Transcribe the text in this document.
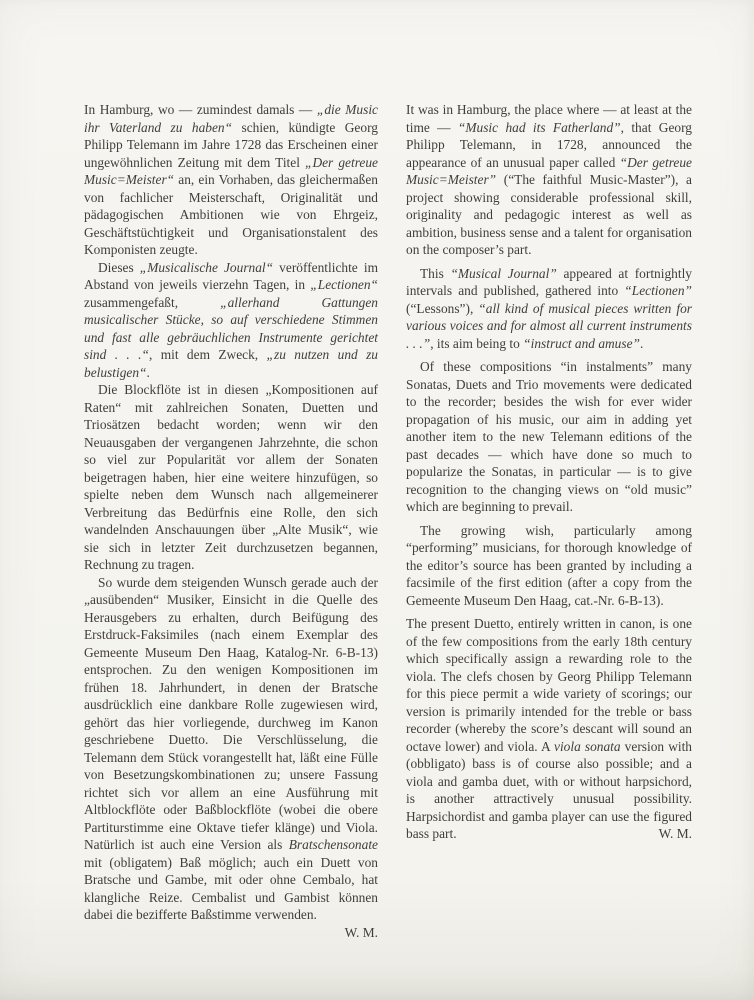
In Hamburg, wo — zumindest damals — „die Music ihr Vaterland zu haben“ schien, kündigte Georg Philipp Telemann im Jahre 1728 das Erscheinen einer ungewöhnlichen Zeitung mit dem Titel „Der getreue Music=Meister“ an, ein Vorhaben, das gleichermaßen von fachlicher Meisterschaft, Originalität und pädagogischen Ambitionen wie von Ehrgeiz, Geschäftstüchtigkeit und Organisationstalent des Komponisten zeugte.

Dieses „Musicalische Journal“ veröffentlichte im Abstand von jeweils vierzehn Tagen, in „Lectionen“ zusammengefaßt, „allerhand Gattungen musicalischer Stücke, so auf verschiedene Stimmen und fast alle gebräuchlichen Instrumente gerichtet sind . . .“, mit dem Zweck, „zu nutzen und zu belustigen“.

Die Blockflöte ist in diesen „Kompositionen auf Raten“ mit zahlreichen Sonaten, Duetten und Triosätzen bedacht worden; wenn wir den Neuausgaben der vergangenen Jahrzehnte, die schon so viel zur Popularität vor allem der Sonaten beigetragen haben, hier eine weitere hinzufügen, so spielte neben dem Wunsch nach allgemeinerer Verbreitung das Bedürfnis eine Rolle, den sich wandelnden Anschauungen über „Alte Musik“, wie sie sich in letzter Zeit durchzusetzen begannen, Rechnung zu tragen.

So wurde dem steigenden Wunsch gerade auch der „ausübenden“ Musiker, Einsicht in die Quelle des Herausgebers zu erhalten, durch Beifügung des Erstdruck-Faksimiles (nach einem Exemplar des Gemeente Museum Den Haag, Katalog-Nr. 6-B-13) entsprochen. Zu den wenigen Kompositionen im frühen 18. Jahrhundert, in denen der Bratsche ausdrücklich eine dankbare Rolle zugewiesen wird, gehört das hier vorliegende, durchweg im Kanon geschriebene Duetto. Die Verschlüsselung, die Telemann dem Stück vorangestellt hat, läßt eine Fülle von Besetzungskombinationen zu; unsere Fassung richtet sich vor allem an eine Ausführung mit Altblockflöte oder Baßblockflöte (wobei die obere Partiturstimme eine Oktave tiefer klänge) und Viola. Natürlich ist auch eine Version als Bratschensonate mit (obligatem) Baß möglich; auch ein Duett von Bratsche und Gambe, mit oder ohne Cembalo, hat klangliche Reize. Cembalist und Gambist können dabei die bezifferte Baßstimme verwenden.
W. M.

It was in Hamburg, the place where — at least at the time — “Music had its Fatherland”, that Georg Philipp Telemann, in 1728, announced the appearance of an unusual paper called “Der getreue Music=Meister” (“The faithful Music-Master”), a project showing considerable professional skill, originality and pedagogic interest as well as ambition, business sense and a talent for organisation on the composer’s part.

This “Musical Journal” appeared at fortnightly intervals and published, gathered into “Lectionen” (“Lessons”), “all kind of musical pieces written for various voices and for almost all current instruments . . .”, its aim being to “instruct and amuse”.

Of these compositions “in instalments” many Sonatas, Duets and Trio movements were dedicated to the recorder; besides the wish for ever wider propagation of his music, our aim in adding yet another item to the new Telemann editions of the past decades — which have done so much to popularize the Sonatas, in particular — is to give recognition to the changing views on “old music” which are beginning to prevail.

The growing wish, particularly among “performing” musicians, for thorough knowledge of the editor’s source has been granted by including a facsimile of the first edition (after a copy from the Gemeente Museum Den Haag, cat.-Nr. 6-B-13).

The present Duetto, entirely written in canon, is one of the few compositions from the early 18th century which specifically assign a rewarding role to the viola. The clefs chosen by Georg Philipp Telemann for this piece permit a wide variety of scorings; our version is primarily intended for the treble or bass recorder (whereby the score’s descant will sound an octave lower) and viola. A viola sonata version with (obbligato) bass is of course also possible; and a viola and gamba duet, with or without harpsichord, is another attractively unusual possibility. Harpsichordist and gamba player can use the figured bass part.	W. M.
